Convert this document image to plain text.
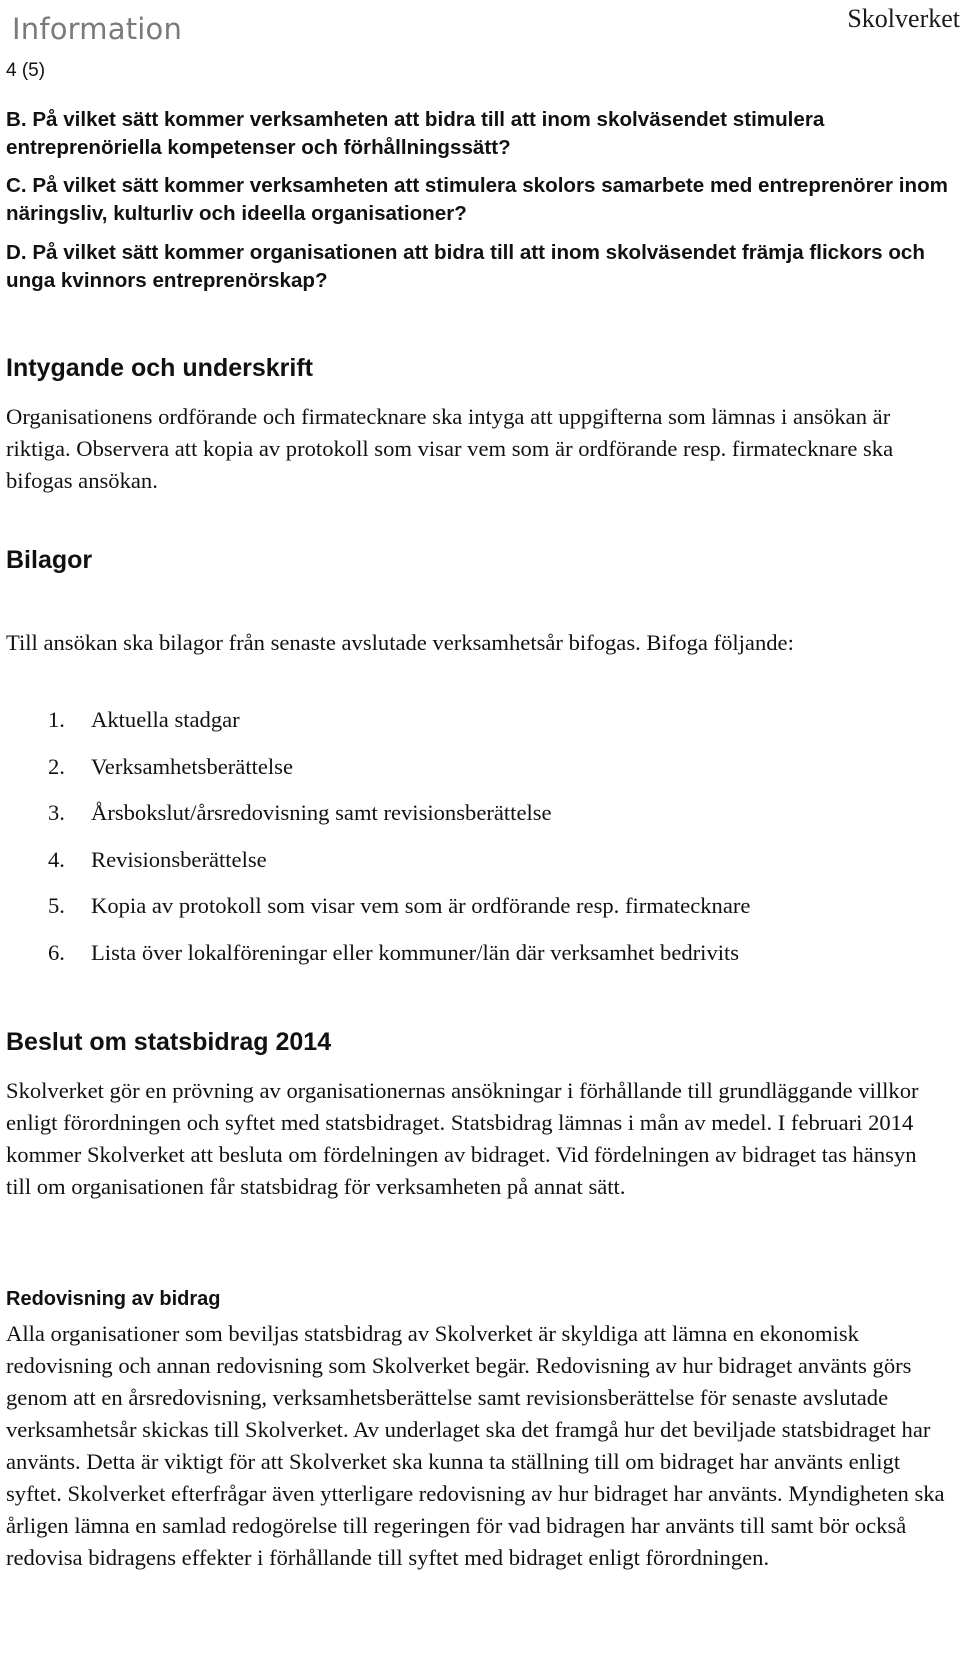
Information
4 (5)
Skolverket

B. På vilket sätt kommer verksamheten att bidra till att inom skolväsendet stimulera entreprenöriella kompetenser och förhållningssätt?

C. På vilket sätt kommer verksamheten att stimulera skolors samarbete med entreprenörer inom näringsliv, kulturliv och ideella organisationer?

D. På vilket sätt kommer organisationen att bidra till att inom skolväsendet främja flickors och unga kvinnors entreprenörskap?

Intygande och underskrift

Organisationens ordförande och firmatecknare ska intyga att uppgifterna som lämnas i ansökan är riktiga. Observera att kopia av protokoll som visar vem som är ordförande resp. firmatecknare ska bifogas ansökan.

Bilagor

Till ansökan ska bilagor från senaste avslutade verksamhetsår bifogas. Bifoga följande:

1. Aktuella stadgar
2. Verksamhetsberättelse
3. Årsbokslut/årsredovisning samt revisionsberättelse
4. Revisionsberättelse
5. Kopia av protokoll som visar vem som är ordförande resp. firmatecknare
6. Lista över lokalföreningar eller kommuner/län där verksamhet bedrivits
Beslut om statsbidrag 2014

Skolverket gör en prövning av organisationernas ansökningar i förhållande till grundläggande villkor enligt förordningen och syftet med statsbidraget. Statsbidrag lämnas i mån av medel. I februari 2014 kommer Skolverket att besluta om fördelningen av bidraget. Vid fördelningen av bidraget tas hänsyn till om organisationen får statsbidrag för verksamheten på annat sätt.

Redovisning av bidrag

Alla organisationer som beviljas statsbidrag av Skolverket är skyldiga att lämna en ekonomisk redovisning och annan redovisning som Skolverket begär. Redovisning av hur bidraget använts görs genom att en årsredovisning, verksamhetsberättelse samt revisionsberättelse för senaste avslutade verksamhetsår skickas till Skolverket. Av underlaget ska det framgå hur det beviljade statsbidraget har använts. Detta är viktigt för att Skolverket ska kunna ta ställning till om bidraget har använts enligt syftet. Skolverket efterfrågar även ytterligare redovisning av hur bidraget har använts. Myndigheten ska årligen lämna en samlad redogörelse till regeringen för vad bidragen har använts till samt bör också redovisa bidragens effekter i förhållande till syftet med bidraget enligt förordningen.
